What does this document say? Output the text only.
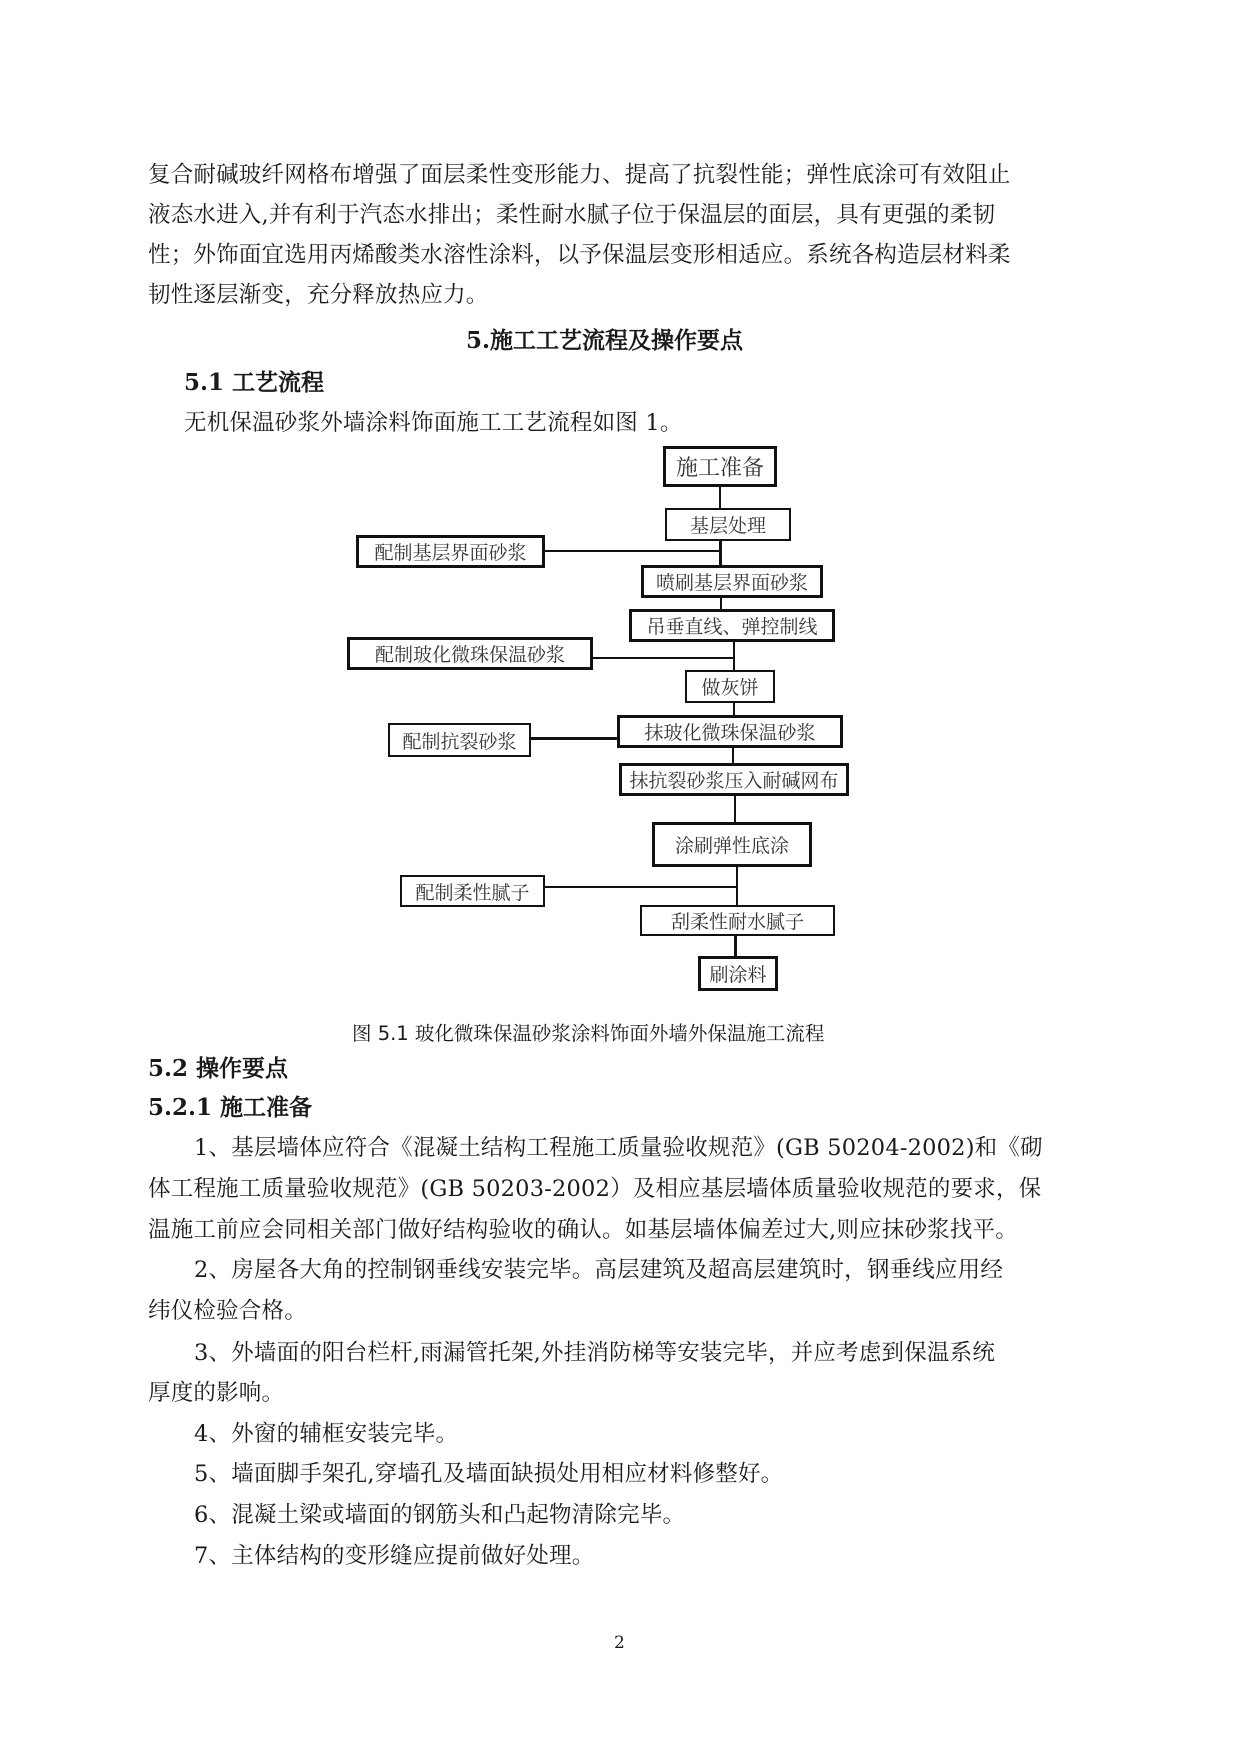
复合耐碱玻纤网格布增强了面层柔性变形能力、提高了抗裂性能；弹性底涂可有效阻止
液态水进入,并有利于汽态水排出；柔性耐水腻子位于保温层的面层，具有更强的柔韧
性；外饰面宜选用丙烯酸类水溶性涂料，以予保温层变形相适应。系统各构造层材料柔
韧性逐层渐变，充分释放热应力。
5.施工工艺流程及操作要点
5.1 工艺流程
无机保温砂浆外墙涂料饰面施工工艺流程如图 1。
施工准备
基层处理
喷刷基层界面砂浆
吊垂直线、弹控制线
做灰饼
抹玻化微珠保温砂浆
抹抗裂砂浆压入耐碱网布
涂刷弹性底涂
刮柔性耐水腻子
刷涂料
配制基层界面砂浆
配制玻化微珠保温砂浆
配制抗裂砂浆
配制柔性腻子
图 5.1 玻化微珠保温砂浆涂料饰面外墙外保温施工流程
5.2 操作要点
5.2.1 施工准备
1、基层墙体应符合《混凝土结构工程施工质量验收规范》(GB 50204-2002)和《砌
体工程施工质量验收规范》(GB 50203-2002）及相应基层墙体质量验收规范的要求，保
温施工前应会同相关部门做好结构验收的确认。如基层墙体偏差过大,则应抹砂浆找平。
2、房屋各大角的控制钢垂线安装完毕。高层建筑及超高层建筑时，钢垂线应用经
纬仪检验合格。
3、外墙面的阳台栏杆,雨漏管托架,外挂消防梯等安装完毕，并应考虑到保温系统
厚度的影响。
4、外窗的辅框安装完毕。
5、墙面脚手架孔,穿墙孔及墙面缺损处用相应材料修整好。
6、混凝土梁或墙面的钢筋头和凸起物清除完毕。
7、主体结构的变形缝应提前做好处理。
2
